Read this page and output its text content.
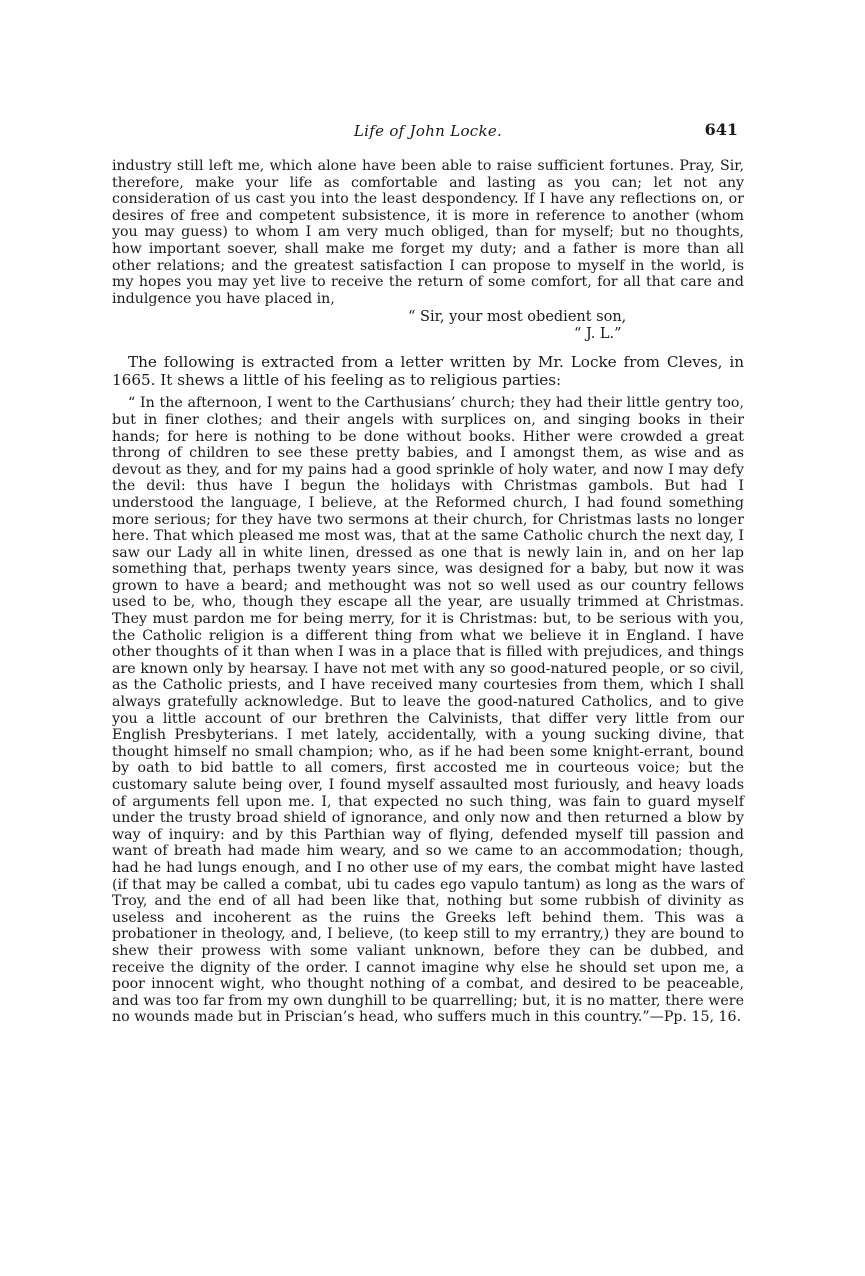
Life of John Locke.	641

industry still left me, which alone have been able to raise sufficient fortunes. Pray, Sir, therefore, make your life as comfortable and lasting as you can; let not any consideration of us cast you into the least despondency. If I have any reflections on, or desires of free and competent subsistence, it is more in reference to another (whom you may guess) to whom I am very much obliged, than for myself; but no thoughts, how important soever, shall make me forget my duty; and a father is more than all other relations; and the greatest satisfaction I can propose to myself in the world, is my hopes you may yet live to receive the return of some comfort, for all that care and indulgence you have placed in,

“ Sir, your most obedient son,

“ J. L.”

The following is extracted from a letter written by Mr. Locke from Cleves, in 1665. It shews a little of his feeling as to religious parties:

“ In the afternoon, I went to the Carthusians’ church; they had their little gentry too, but in finer clothes; and their angels with surplices on, and singing books in their hands; for here is nothing to be done without books. Hither were crowded a great throng of children to see these pretty babies, and I amongst them, as wise and as devout as they, and for my pains had a good sprinkle of holy water, and now I may defy the devil: thus have I begun the holidays with Christmas gambols. But had I understood the language, I believe, at the Reformed church, I had found something more serious; for they have two sermons at their church, for Christmas lasts no longer here. That which pleased me most was, that at the same Catholic church the next day, I saw our Lady all in white linen, dressed as one that is newly lain in, and on her lap something that, perhaps twenty years since, was designed for a baby, but now it was grown to have a beard; and methought was not so well used as our country fellows used to be, who, though they escape all the year, are usually trimmed at Christmas. They must pardon me for being merry, for it is Christmas: but, to be serious with you, the Catholic religion is a different thing from what we believe it in England. I have other thoughts of it than when I was in a place that is filled with prejudices, and things are known only by hearsay. I have not met with any so good-natured people, or so civil, as the Catholic priests, and I have received many courtesies from them, which I shall always gratefully acknowledge. But to leave the good-natured Catholics, and to give you a little account of our brethren the Calvinists, that differ very little from our English Presbyterians. I met lately, accidentally, with a young sucking divine, that thought himself no small champion; who, as if he had been some knight-errant, bound by oath to bid battle to all comers, first accosted me in courteous voice; but the customary salute being over, I found myself assaulted most furiously, and heavy loads of arguments fell upon me. I, that expected no such thing, was fain to guard myself under the trusty broad shield of ignorance, and only now and then returned a blow by way of inquiry: and by this Parthian way of flying, defended myself till passion and want of breath had made him weary, and so we came to an accommodation; though, had he had lungs enough, and I no other use of my ears, the combat might have lasted (if that may be called a combat, ubi tu cades ego vapulo tantum) as long as the wars of Troy, and the end of all had been like that, nothing but some rubbish of divinity as useless and incoherent as the ruins the Greeks left behind them. This was a probationer in theology, and, I believe, (to keep still to my errantry,) they are bound to shew their prowess with some valiant unknown, before they can be dubbed, and receive the dignity of the order. I cannot imagine why else he should set upon me, a poor innocent wight, who thought nothing of a combat, and desired to be peaceable, and was too far from my own dunghill to be quarrelling; but, it is no matter, there were no wounds made but in Priscian’s head, who suffers much in this country.”—Pp. 15, 16.
